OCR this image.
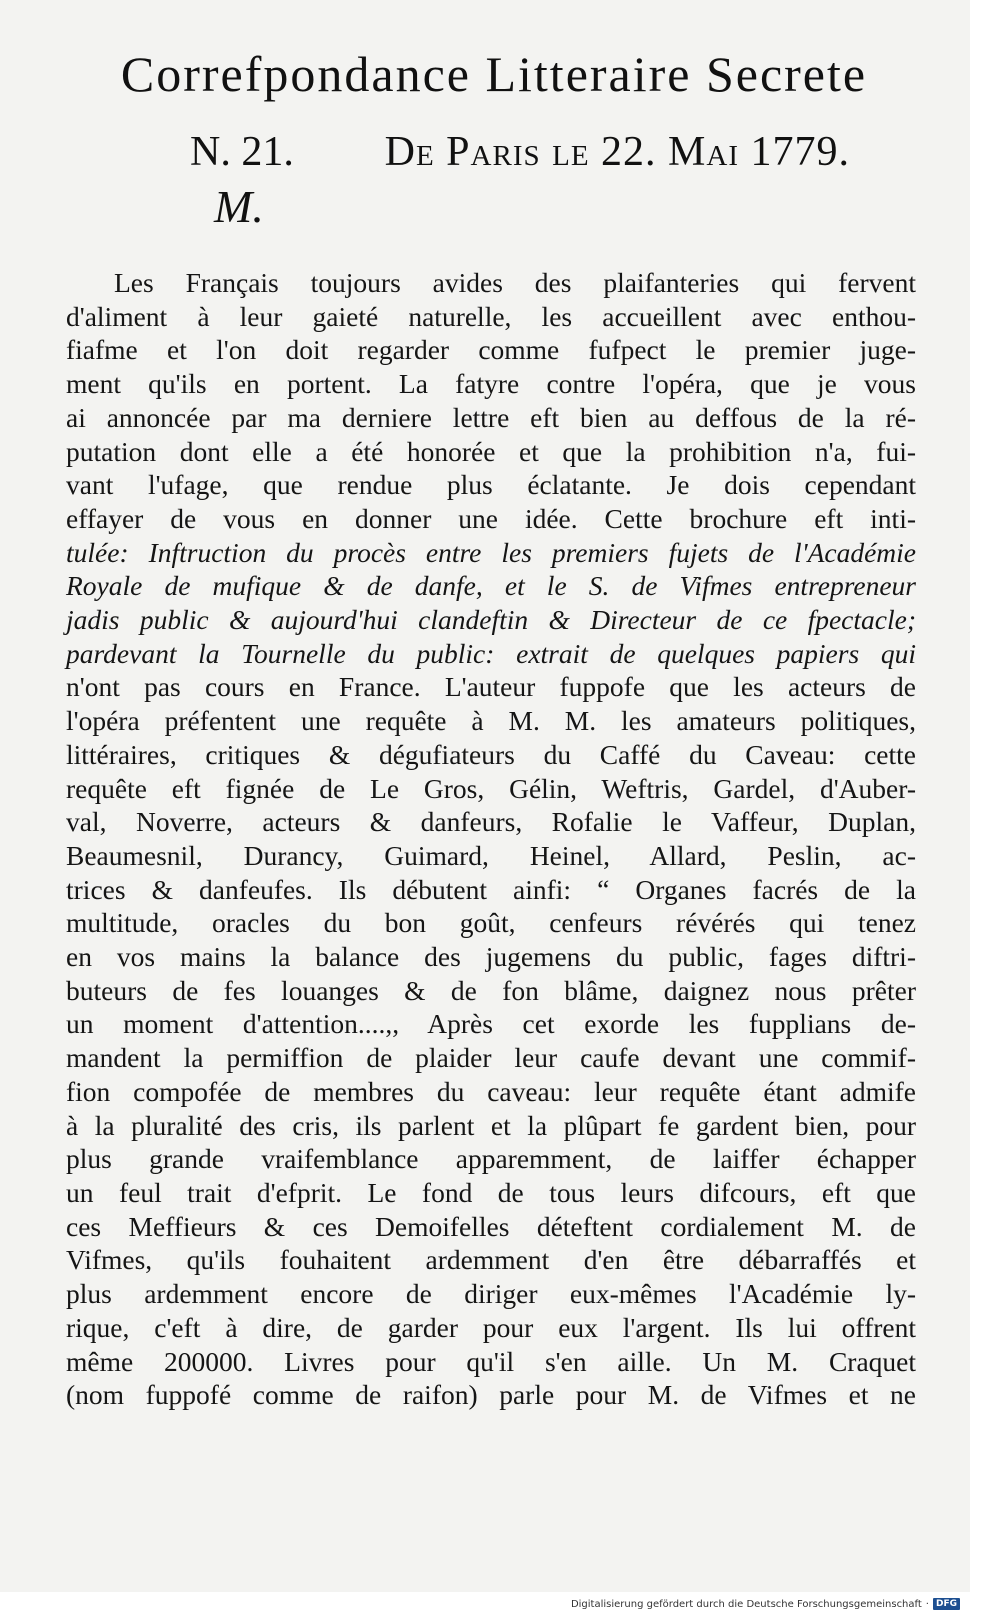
Correfpondance Litteraire Secrete
N. 21. De Paris le 22. Mai 1779.
M.
Les Français toujours avides des plaifanteries qui fervent
d'aliment à leur gaieté naturelle, les accueillent avec enthou-
fiafme et l'on doit regarder comme fufpect le premier juge-
ment qu'ils en portent. La fatyre contre l'opéra, que je vous
ai annoncée par ma derniere lettre eft bien au deffous de la ré-
putation dont elle a été honorée et que la prohibition n'a, fui-
vant l'ufage, que rendue plus éclatante. Je dois cependant
effayer de vous en donner une idée. Cette brochure eft inti-
tulée: Inftruction du procès entre les premiers fujets de l'Académie
Royale de mufique & de danfe, et le S. de Vifmes entrepreneur
jadis public & aujourd'hui clandeftin & Directeur de ce fpectacle;
pardevant la Tournelle du public: extrait de quelques papiers qui
n'ont pas cours en France. L'auteur fuppofe que les acteurs de
l'opéra préfentent une requête à M. M. les amateurs politiques,
littéraires, critiques & dégufiateurs du Caffé du Caveau: cette
requête eft fignée de Le Gros, Gélin, Weftris, Gardel, d'Auber-
val, Noverre, acteurs & danfeurs, Rofalie le Vaffeur, Duplan,
Beaumesnil, Durancy, Guimard, Heinel, Allard, Peslin, ac-
trices & danfeufes. Ils débutent ainfi: “ Organes facrés de la
multitude, oracles du bon goût, cenfeurs révérés qui tenez
en vos mains la balance des jugemens du public, fages diftri-
buteurs de fes louanges & de fon blâme, daignez nous prêter
un moment d'attention....,, Après cet exorde les fupplians de-
mandent la permiffion de plaider leur caufe devant une commif-
fion compofée de membres du caveau: leur requête étant admife
à la pluralité des cris, ils parlent et la plûpart fe gardent bien, pour
plus grande vraifemblance apparemment, de laiffer échapper
un feul trait d'efprit. Le fond de tous leurs difcours, eft que
ces Meffieurs & ces Demoifelles déteftent cordialement M. de
Vifmes, qu'ils fouhaitent ardemment d'en être débarraffés et
plus ardemment encore de diriger eux-mêmes l'Académie ly-
rique, c'eft à dire, de garder pour eux l'argent. Ils lui offrent
même 200000. Livres pour qu'il s'en aille. Un M. Craquet
(nom fuppofé comme de raifon) parle pour M. de Vifmes et ne
Digitalisierung gefördert durch die Deutsche Forschungsgemeinschaft · DFG
